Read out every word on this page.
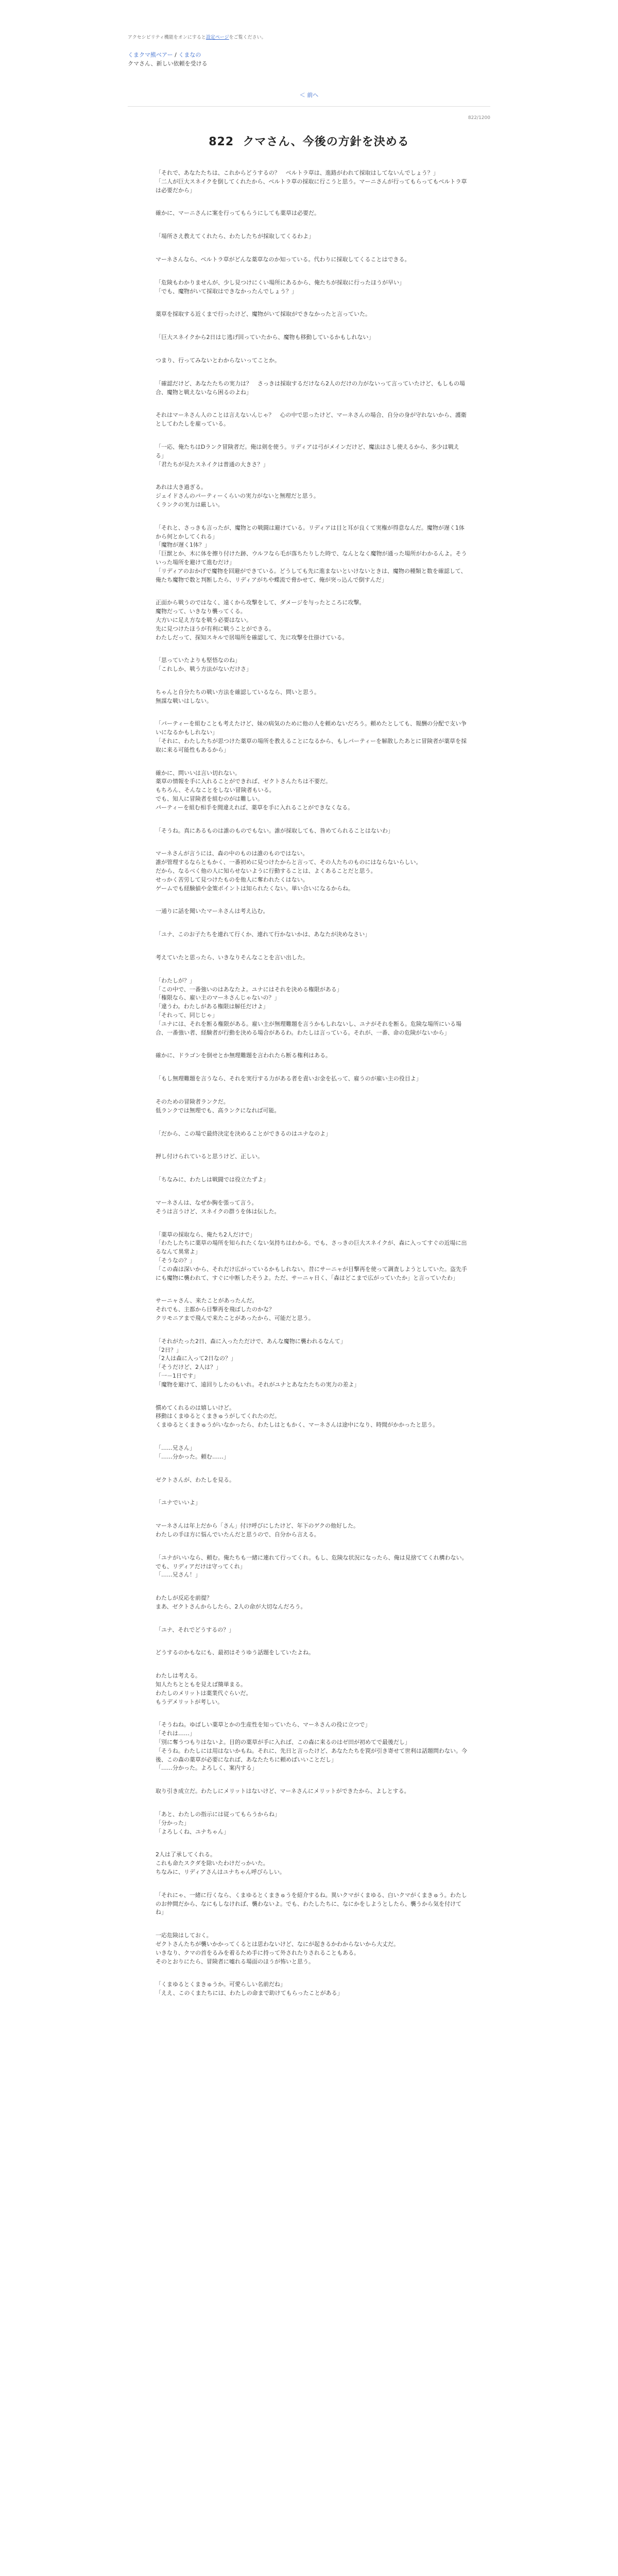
アクセシビリティ機能をオンにすると設定ページをご覧ください。
くまクマ熊ベアー / くまなの
クマさん、新しい依頼を受ける
＜ 前へ
822/1200
822 クマさん、今後の方針を決める

「それで、あなたたちは、これからどうするの？　ベルトラ草は、進路がわれて採取はしてないんでしょう？」
「二人が巨大スネイクを倒してくれたから、ベルトラ草の採取に行こうと思う。マーニさんが行ってもらってもベルトラ草は必要だから」

確かに、マーニさんに案を行ってもらうにしても薬草は必要だ。

「場所さえ教えてくれたら、わたしたちが採取してくるわよ」

マーネさんなら、ベルトラ草がどんな薬草なのか知っている。代わりに採取してくることはできる。

「危険もわかりませんが、少し見つけにくい場所にあるから、俺たちが採取に行ったほうが早い」
「でも、魔物がいて採取はできなかったんでしょう？」

薬草を採取する近くまで行ったけど、魔物がいて採取ができなかったと言っていた。

「巨大スネイクから2日はじ逃げ回っていたから、魔物も移動しているかもしれない」

つまり、行ってみないとわからないってことか。

「確認だけど、あなたたちの実力は？　さっきは採取するだけなら2人のだけの力がないって言っていたけど、もしもの場合、魔物と戦えないなら困るのよね」

それはマーネさん人のことは言えないんじゃ？　心の中で思ったけど、マーネさんの場合、自分の身が守れないから、護衛としてわたしを雇っている。

「一応、俺たちはDランク冒険者だ。俺は剣を使う。リディアは弓がメインだけど、魔法はさし使えるから、多少は戦える」
「君たちが見たスネイクは普通の大きさ？」

あれは大き過ぎる。
ジェイドさんのパーティーくらいの実力がないと無理だと思う。
くランクの実力は厳しい。

「それと、さっきも言ったが、魔物との戦闘は避けている。リディアは目と耳が良くて実権が得意なんだ。魔物が遅く1体から何とかしてくれる」
「魔物が遅く1体？」
「巨獣とか、木に体を擦り付けた跡、ウルフなら毛が落ちたりした時で、なんとなく魔物が通った場所がわかるんよ。そういった場所を避けて進むだけ」
「リディアのおかげで魔物を回避ができている。どうしても先に進まないといけないときは、魔物の種類と数を確認して、俺たち魔物で数と判断したら、リディアがちや蝶流で脅かせて、俺が突っ込んで倒すんだ」

正面から戦うのではなく、遠くから攻撃をして、ダメージを与ったところに攻撃。
魔物だって、いきなり襲ってくる。
大方いに足え方なを戦う必要はない。
先に見つけたほうが有利に戦うことができる。
わたしだって、探知スキルで居場所を確認して、先に攻撃を仕掛けている。

「思っていたよりも堅悟なのね」
「これしか、戦う方法がないだけさ」

ちゃんと自分たちの戦い方法を確認しているなら、問いと思う。
無謀な戦いはしない。

「パーティーを組むことも考えたけど、妹の病気のために他の人を頼めないだろう。頼めたとしても、報酬の分配で支い争いになるかもしれない」
「それに、わたしたちが思つけた薬草の場所を教えることになるから、もしパーティーを解散したあとに冒険者が薬草を採取に来る可能性もあるから」

確かに、問いいは言い切れない。
薬草の情報を手に入れることができれば、ゼクトさんたちは不要だ。
もちろん、そんなことをしない冒険者もいる。
でも、知人に冒険者を組むのがは難しい。
パーティーを組む相手を間違えれば、薬草を手に入れることができなくなる。

「そうね。真にあるものは誰のものでもない。誰が採取しても、咎めてられることはないわ」

マーネさんが言うには、森の中のものは誰のものではない。
誰が管理するならともかく、一番初めに見つけたからと言って、その人たちのものにはならないらしい。
だから、なるべく他の人に知らせないように行動することは、よくあることだと思う。
せっかく苦労して見つけたものを他人に奪われたくはない。
ゲームでも経験値や金策ポイントは知られたくない。単い合いになるからね。

一通りに話を聞いたマーネさんは考え込む。

「ユナ、このお子たちを連れて行くか、連れて行かないかは、あなたが決めなさい」

考えていたと思ったら、いきなりそんなことを言い出した。

「わたしが？」
「この中で、一番強いのはあなたよ。ユナにはそれを決める権限がある」
「権限なら、雇い主のマーネさんじゃないの？」
「違うわ。わたしがある権限は解任だけよ」
「それって、同じじゃ」
「ユナには、それを断る権限がある。雇い主が無理難題を言うかもしれないし、ユナがそれを断る。危険な場所にいる場合、一番強い者、経験者が行動を決める場合があるわ。わたしは言っている。それが、一番、命の危険がないから」

確かに、ドラゴンを倒せとか無理難題を言われたら断る権利はある。

「もし無理難題を言うなら、それを実行する力がある者を責いお金を払って、雇うのが雇い主の役目よ」

そのための冒険者ランクだ。
低ランクでは無理でも、高ランクになれば可能。

「だから、この場で最終決定を決めることができるのはユナなのよ」

押し付けられていると思うけど、正しい。

「ちなみに、わたしは戦闘では役立たずよ」

マーネさんは、なぜか胸を張って言う。
そうは言うけど、スネイクの群うを体は伝した。

「薬草の採取なら、俺たち2人だけで」
「わたしたちに薬草の場所を知られたくない気持ちはわかる。でも、さっきの巨大スネイクが、森に入ってすぐの近場に出るなんて異常よ」
「そうなの？」
「この森は深いから、それだけ広がっているかもしれない。昔にサーニャが目撃再を使って調査しようとしていた。盗先手にも魔物に襲われて、すぐに中断したそうよ。ただ、サーニャ日く、「森はどこまで広がっていたか」と言っていたわ」

サーニャさん、来たことがあったんだ。
それでも、主都から目撃再を飛ばしたのかな？
クリモニアまで飛んで来たことがあったから、可能だと思う。

「それがたった2日、森に入ったただけで、あんな魔物に襲われるなんて」
「2日？」
「2人は森に入って2日なの？」
「そうだけど、2人は？」
「一－1日です」
「魔物を避けて、遠回りしたのもいれ。それがユナとあなたたちの実力の差よ」

慣めてくれるのは嬉しいけど。
移動はくまゆるとくまきゅうがしてくれたのだ。
くまゆるとくまきゅうがいなかったら、わたしはともかく、マーネさんは途中になり、時間がかかったと思う。

「……兄さん」
「……分かった。頼む……」

ゼクトさんが、わたしを見る。

「ユナでいいよ」

マーネさんは年上だから「さん」付け呼びにしたけど、年下のゲクの他好した。
わたしの手ほ方に悩んでいたんだと思うので、自分から言える。

「ユナがいいなら、頼む。俺たちも一緒に連れて行ってくれ。もし、危険な状況になったら、俺は見捨ててくれ構わない。でも、リディアだけは守ってくれ」
「……兄さん！」

わたしが反応を前提？
まあ、ゼクトさんからしたら、2人の命が大切なんだろう。

「ユナ、それでどうするの？」

どうするのかもなにも、最初はそうゆう話題をしていたよね。

わたしは考える。
知人たちとともを見えば簡単まる。
わたしのメリットは薬業代ぐらいだ。
もうデメリットが考しい。

「そうねね。ゆばしい薬草とかの生産性を知っていたら、マーネさんの役に立つで」
「それは……」
「別に奪うつもりはないよ。目的の薬草が手に入れば、この森に来るのはゼ田が初めてで最後だし」
「そうね。わたしには用はないかもね。それに、先日と言ったけど、あなたたちを罠が引き寄せて世利は話題問わない。今後、この森の薬草が必要になれば、あなたたちに頼めばいいことだし」
「……分かった。よろしく、案内する」

取り引き成立だ。わたしにメリットはないけど、マーネさんにメリットができたから、よしとする。

「あと、わたしの指示には従ってもらうからね」
「分かった」
「よろしくね、ユナちゃん」

2人は了承してくれる。
これも命たスクダを除いたわけだっかいた。
ちなみに、リディアさんはユナちゃん呼びらしい。

「それにゃ、一緒に行くなら、くまゆるとくまきゅうを紹介するね。異いクマがくまゆる、白いクマがくまきゅう。わたしのお仲間だから、なにもしなければ、襲わないよ。でも、わたしたちに、なにかをしようとしたら、襲うから気を付けてね」

一応危険はしておく。
ゼクトさんたちが襲いかかってくるとは思わないけど、なにが起きるかわからないから大丈だ。
いきなり、クマの首をるみを着るため手に持って外されたりされることもある。
そのとおりにたら、冒険者に嘘れる場面のほうが怖いと思う。

「くまゆるとくまきゅうか。可愛らしい名前だね」
「ええ、このくまたちには、わたしの命まで助けてもらったことがある」
